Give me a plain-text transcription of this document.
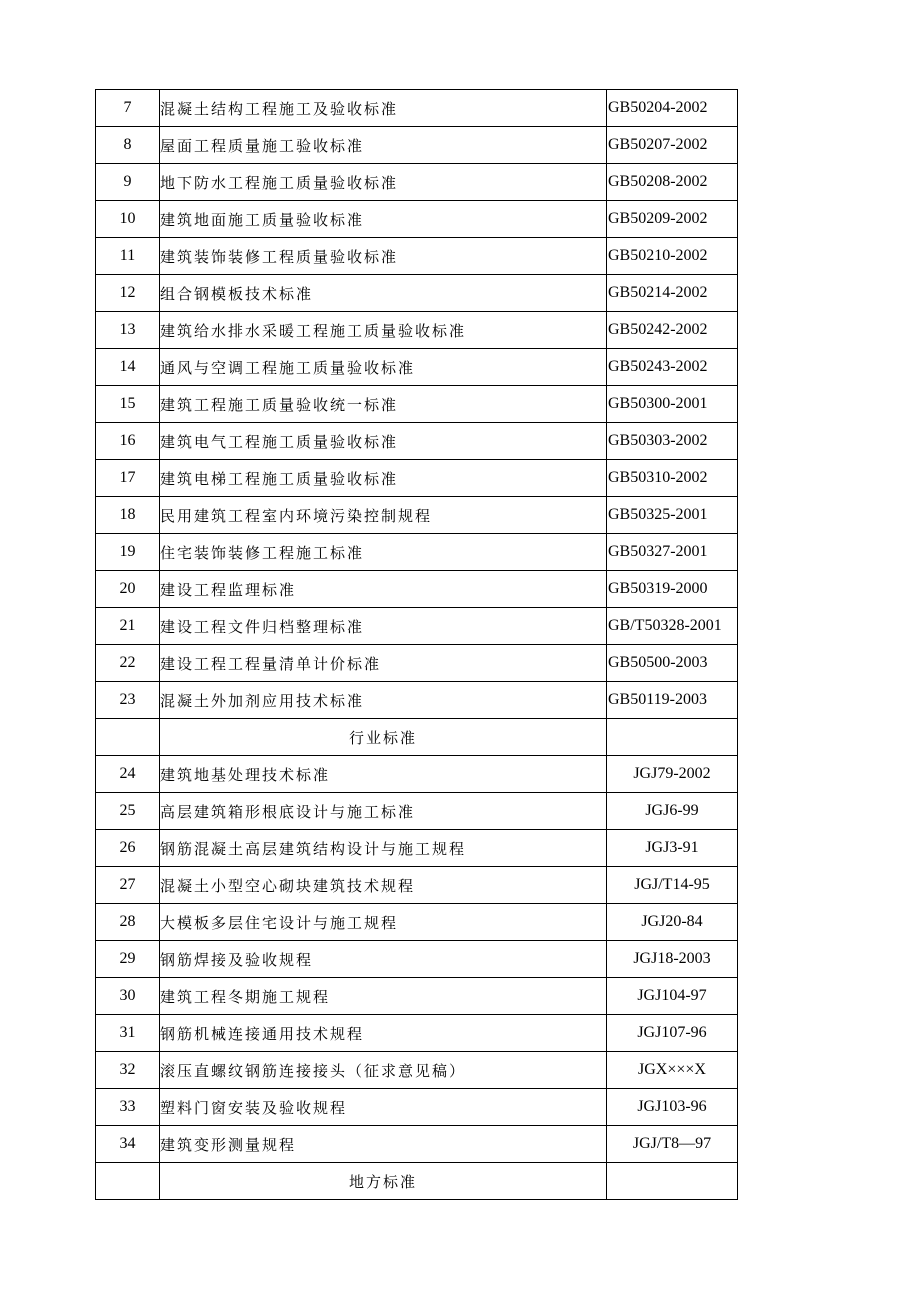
7	混凝土结构工程施工及验收标准	GB50204-2002
8	屋面工程质量施工验收标准	GB50207-2002
9	地下防水工程施工质量验收标准	GB50208-2002
10	建筑地面施工质量验收标准	GB50209-2002
11	建筑装饰装修工程质量验收标准	GB50210-2002
12	组合钢模板技术标准	GB50214-2002
13	建筑给水排水采暖工程施工质量验收标准	GB50242-2002
14	通风与空调工程施工质量验收标准	GB50243-2002
15	建筑工程施工质量验收统一标准	GB50300-2001
16	建筑电气工程施工质量验收标准	GB50303-2002
17	建筑电梯工程施工质量验收标准	GB50310-2002
18	民用建筑工程室内环境污染控制规程	GB50325-2001
19	住宅装饰装修工程施工标准	GB50327-2001
20	建设工程监理标准	GB50319-2000
21	建设工程文件归档整理标准	GB/T50328-2001
22	建设工程工程量清单计价标准	GB50500-2003
23	混凝土外加剂应用技术标准	GB50119-2003
	行业标准	
24	建筑地基处理技术标准	JGJ79-2002
25	高层建筑箱形根底设计与施工标准	JGJ6-99
26	钢筋混凝土高层建筑结构设计与施工规程	JGJ3-91
27	混凝土小型空心砌块建筑技术规程	JGJ/T14-95
28	大模板多层住宅设计与施工规程	JGJ20-84
29	钢筋焊接及验收规程	JGJ18-2003
30	建筑工程冬期施工规程	JGJ104-97
31	钢筋机械连接通用技术规程	JGJ107-96
32	滚压直螺纹钢筋连接接头（征求意见稿）	JGX×××X
33	塑料门窗安装及验收规程	JGJ103-96
34	建筑变形测量规程	JGJ/T8—97
	地方标准	
